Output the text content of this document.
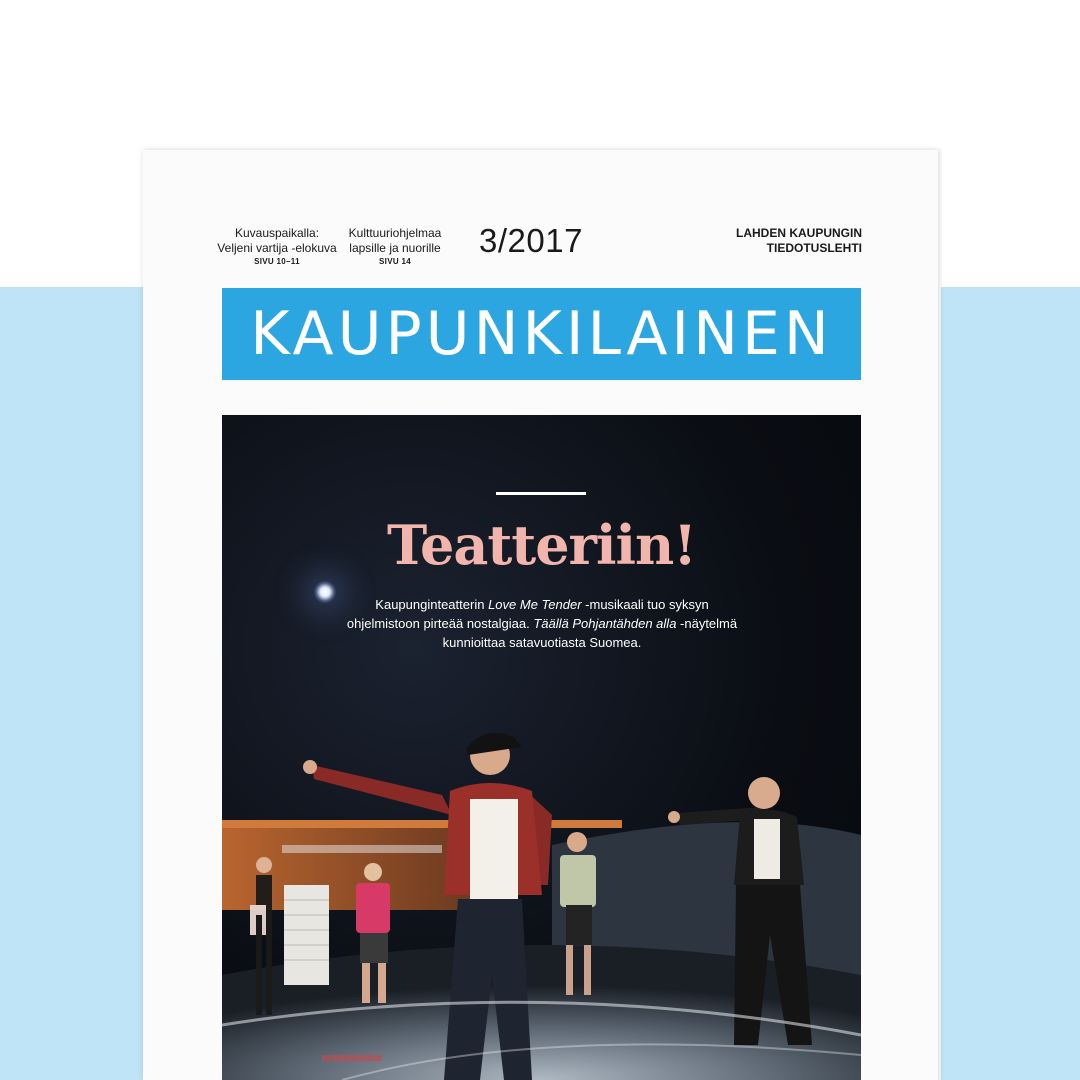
Kuvauspaikalla:
Veljeni vartija -elokuva
SIVU 10–11
Kulttuuriohjelmaa
lapsille ja nuorille
SIVU 14
3/2017	LAHDEN KAUPUNGIN
TIEDOTUSLEHTI
KAUPUNKILAINEN
Teatteriin!
Kaupunginteatterin Love Me Tender -musikaali tuo syksyn ohjelmistoon pirteää nostalgiaa. Täällä Pohjantähden alla -näytelmä kunnioittaa satavuotiasta Suomea.
